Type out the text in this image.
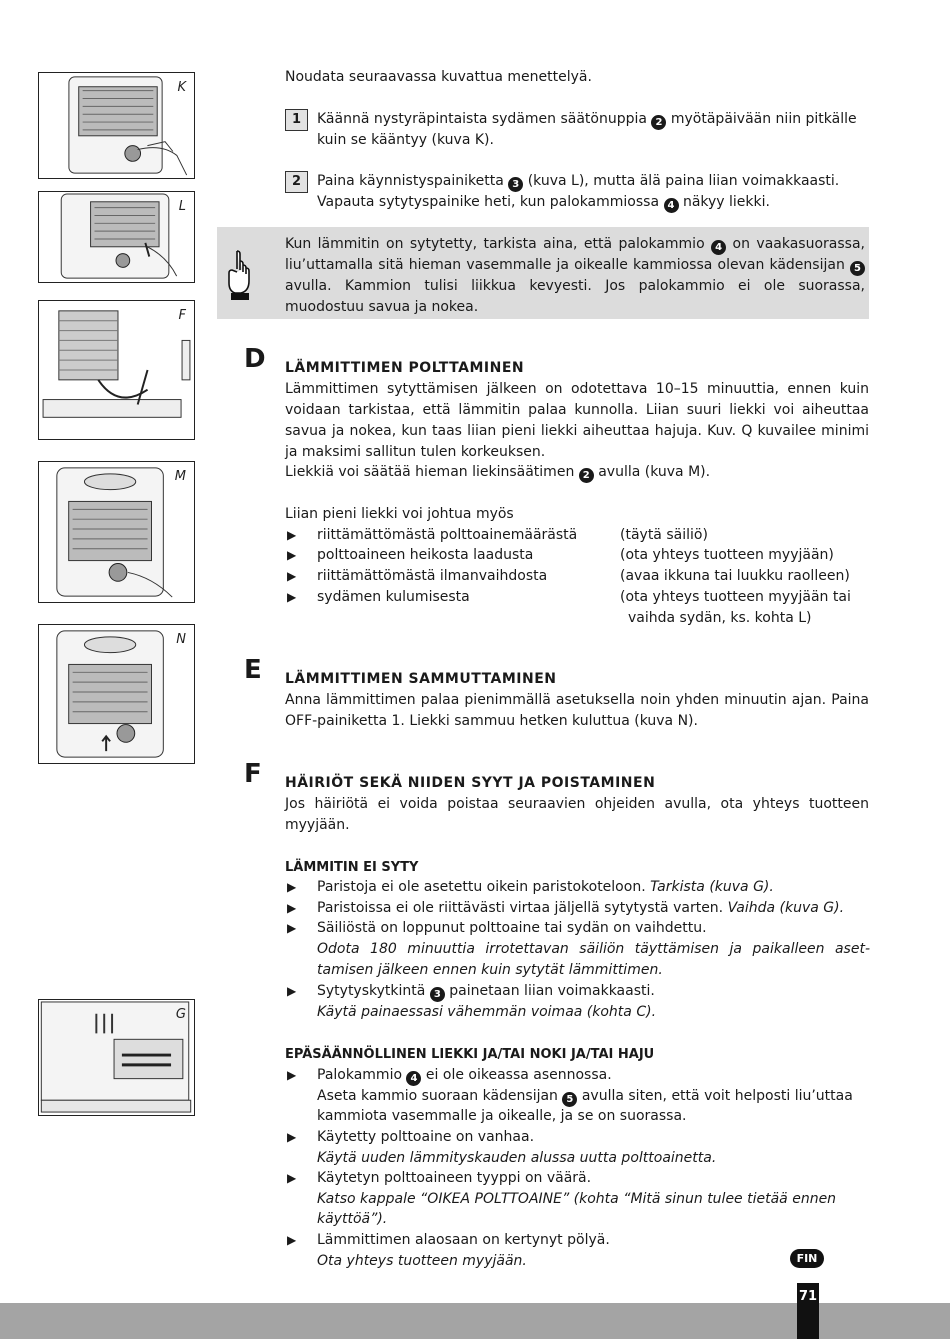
K
L
F
M
N
G
Noudata seuraavassa kuvattua menettelyä.
1	Käännä nystyräpintaista sydämen säätönuppia 2 myötäpäivään niin pitkälle kuin se kääntyy (kuva K).
2	Paina käynnistyspainiketta 3 (kuva L), mutta älä paina liian voimakkaasti. Vapauta sytytyspainike heti, kun palokammiossa 4 näkyy liekki.
Kun lämmitin on sytytetty, tarkista aina, että palokammio 4 on vaakasuorassa, liu’uttamalla sitä hieman vasemmalle ja oikealle kammiossa olevan kädensijan 5 avulla. Kammion tulisi liikkua kevyesti. Jos palokammio ei ole suorassa, muodostuu savua ja nokea.
D LÄMMITTIMEN POLTTAMINEN
Lämmittimen sytyttämisen jälkeen on odotettava 10–15 minuuttia, ennen kuin voidaan tarkistaa, että lämmitin palaa kunnolla. Liian suuri liekki voi aiheuttaa savua ja nokea, kun taas liian pieni liekki aiheuttaa hajuja. Kuv. Q kuvailee minimi ja maksimi sallitun tulen korkeuksen.
Liekkiä voi säätää hieman liekinsäätimen 2 avulla (kuva M).
Liian pieni liekki voi johtua myös
▶ riittämättömästä polttoainemäärästä	(täytä säiliö)
▶ polttoaineen heikosta laadusta	(ota yhteys tuotteen myyjään)
▶ riittämättömästä ilmanvaihdosta	(avaa ikkuna tai luukku raolleen)
▶ sydämen kulumisesta	(ota yhteys tuotteen myyjään tai
vaihda sydän, ks. kohta L)
E LÄMMITTIMEN SAMMUTTAMINEN
Anna lämmittimen palaa pienimmällä asetuksella noin yhden minuutin ajan. Paina OFF-painiketta 1. Liekki sammuu hetken kuluttua (kuva N).
F HÄIRIÖT SEKÄ NIIDEN SYYT JA POISTAMINEN
Jos häiriötä ei voida poistaa seuraavien ohjeiden avulla, ota yhteys tuotteen myyjään.
LÄMMITIN EI SYTY
▶ Paristoja ei ole asetettu oikein paristokoteloon. Tarkista (kuva G).
▶ Paristoissa ei ole riittävästi virtaa jäljellä sytytystä varten. Vaihda (kuva G).
▶ Säiliöstä on loppunut polttoaine tai sydän on vaihdettu.
Odota 180 minuuttia irrotettavan säiliön täyttämisen ja paikalleen aset-
tamisen jälkeen ennen kuin sytytät lämmittimen.
▶ Sytytyskytkintä 3 painetaan liian voimakkaasti.
Käytä painaessasi vähemmän voimaa (kohta C).
EPÄSÄÄNNÖLLINEN LIEKKI JA/TAI NOKI JA/TAI HAJU
▶ Palokammio 4 ei ole oikeassa asennossa.
Aseta kammio suoraan kädensijan 5 avulla siten, että voit helposti liu’uttaa
kammiota vasemmalle ja oikealle, ja se on suorassa.
▶ Käytetty polttoaine on vanhaa.
Käytä uuden lämmityskauden alussa uutta polttoainetta.
▶ Käytetyn polttoaineen tyyppi on väärä.
Katso kappale “OIKEA POLTTOAINE” (kohta “Mitä sinun tulee tietää ennen
käyttöä”).
▶ Lämmittimen alaosaan on kertynyt pölyä.
Ota yhteys tuotteen myyjään.	FIN
71
